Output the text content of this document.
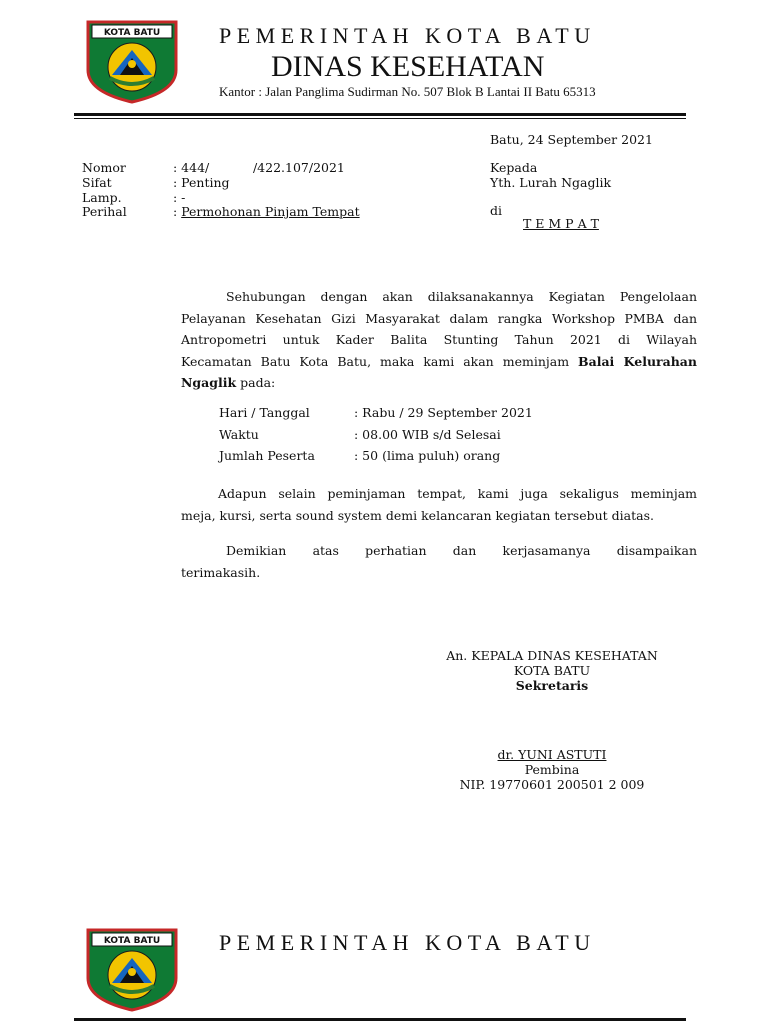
KOTA BATU	PEMERINTAH KOTA BATU
DINAS KESEHATAN
Kantor : Jalan Panglima Sudirman No. 507 Blok B Lantai II Batu 65313
Batu, 24 September 2021
Nomor	: 444/           /422.107/2021
Sifat	: Penting
Lamp.	: -
Perihal	: Permohonan Pinjam Tempat
Kepada
Yth. Lurah Ngaglik
di
T E M P A T
Sehubungan dengan akan dilaksanakannya Kegiatan Pengelolaan
Pelayanan Kesehatan Gizi Masyarakat dalam rangka Workshop PMBA dan
Antropometri untuk Kader Balita Stunting Tahun 2021 di Wilayah
Kecamatan Batu Kota Batu, maka kami akan meminjam Balai Kelurahan
Ngaglik pada:
Hari / Tanggal	: Rabu / 29 September 2021
Waktu	: 08.00 WIB s/d Selesai
Jumlah Peserta	: 50 (lima puluh) orang
Adapun selain peminjaman tempat, kami juga sekaligus meminjam
meja, kursi, serta sound system demi kelancaran kegiatan tersebut diatas.
Demikian atas perhatian dan kerjasamanya disampaikan
terimakasih.
An. KEPALA DINAS KESEHATAN
KOTA BATU
Sekretaris
dr. YUNI ASTUTI
Pembina
NIP. 19770601 200501 2 009
KOTA BATU	PEMERINTAH KOTA BATU
